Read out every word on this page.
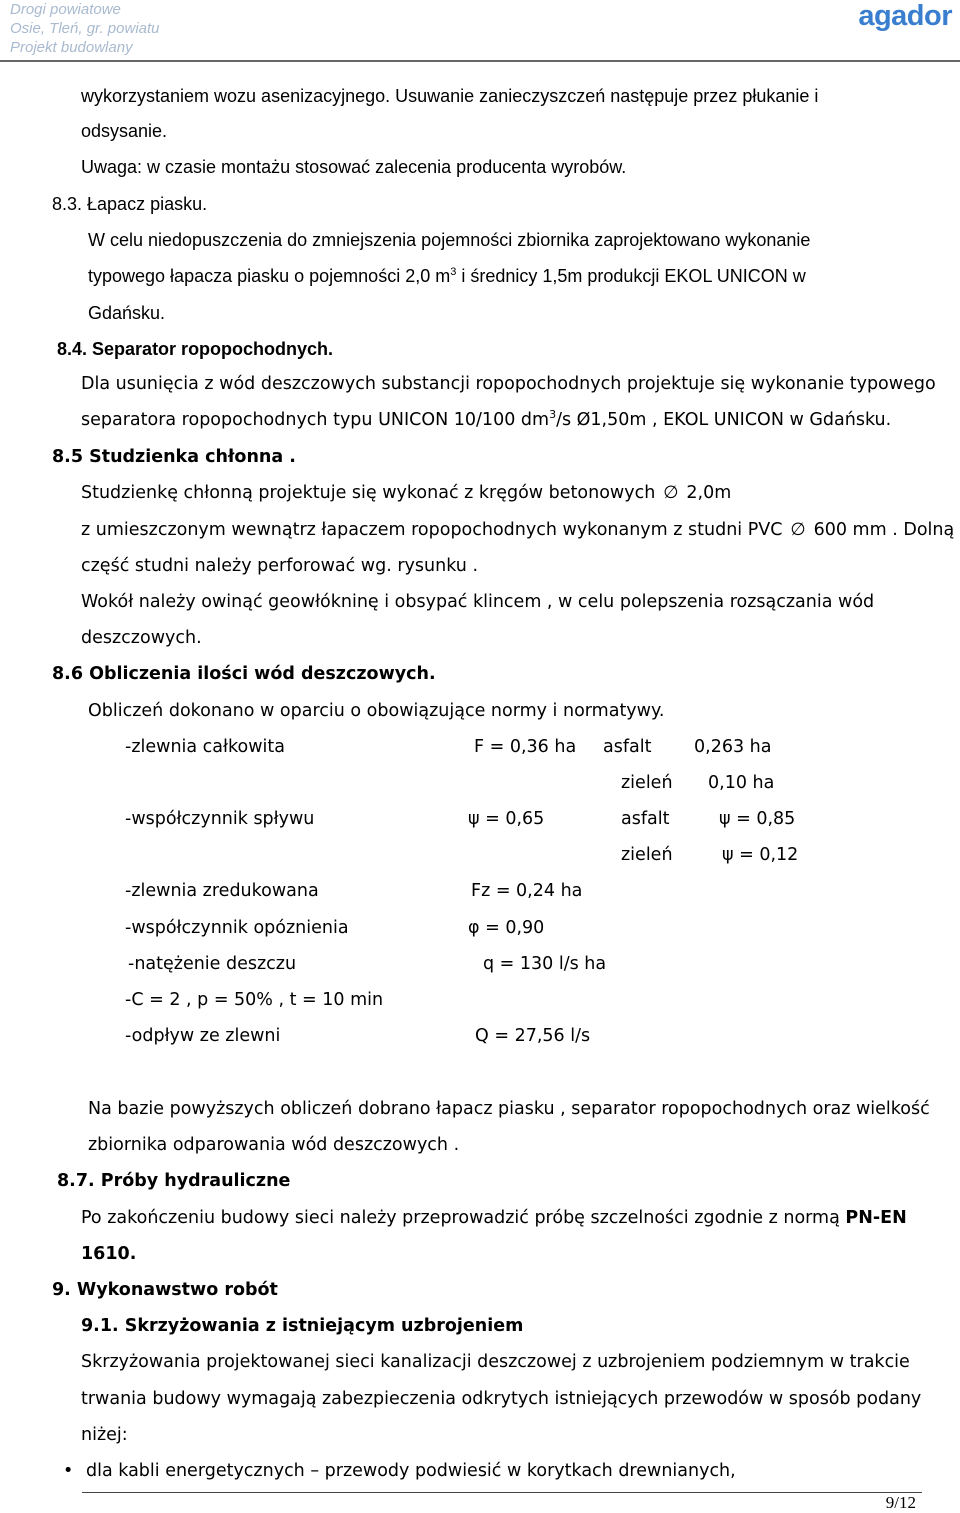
Drogi powiatowe
Osie, Tleń, gr. powiatu
Projekt budowlany
agador
wykorzystaniem wozu asenizacyjnego. Usuwanie zanieczyszczeń następuje przez płukanie i
odsysanie.
Uwaga: w czasie montażu stosować zalecenia producenta wyrobów.
8.3. Łapacz piasku.
W celu niedopuszczenia do zmniejszenia pojemności zbiornika zaprojektowano wykonanie
typowego łapacza piasku o pojemności 2,0 $m^3$ i średnicy 1,5m produkcji EKOL UNICON w
Gdańsku.
8.4. Separator ropopochodnych.
Dla usunięcia z wód deszczowych substancji ropopochodnych projektuje się wykonanie typowego
separatora ropopochodnych typu UNICON 10/100 $dm^3/s$ Ø1,50m , EKOL UNICON w Gdańsku.
8.5 Studzienka chłonna .
Studzienkę chłonną projektuje się wykonać z kręgów betonowych ∅ 2,0m
z umieszczonym wewnątrz łapaczem ropopochodnych wykonanym z studni PVC ∅ 600 mm . Dolną
część studni należy perforować wg. rysunku .
Wokół należy owinąć geowłókninę i obsypać klincem , w celu polepszenia rozsączania wód
deszczowych.
8.6 Obliczenia ilości wód deszczowych.
Obliczeń dokonano w oparciu o obowiązujące normy i normatywy.
-zlewnia całkowita	F = 0,36 ha asfalt 0,263 ha
zieleń 0,10 ha
-współczynnik spływu	ψ = 0,65	asfalt	ψ = 0,85
zieleń	ψ = 0,12
-zlewnia zredukowana	Fz = 0,24 ha
-współczynnik opóznienia	φ = 0,90
-natężenie deszczu	q = 130 l/s ha
-C = 2 , p = 50% , t = 10 min
-odpływ ze zlewni	Q = 27,56 l/s
Na bazie powyższych obliczeń dobrano łapacz piasku , separator ropopochodnych oraz wielkość
zbiornika odparowania wód deszczowych .
8.7. Próby hydrauliczne
Po zakończeniu budowy sieci należy przeprowadzić próbę szczelności zgodnie z normą PN-EN
1610.
9. Wykonawstwo robót
9.1. Skrzyżowania z istniejącym uzbrojeniem
Skrzyżowania projektowanej sieci kanalizacji deszczowej z uzbrojeniem podziemnym w trakcie
trwania budowy wymagają zabezpieczenia odkrytych istniejących przewodów w sposób podany
niżej:
• dla kabli energetycznych – przewody podwiesić w korytkach drewnianych,
9/12
